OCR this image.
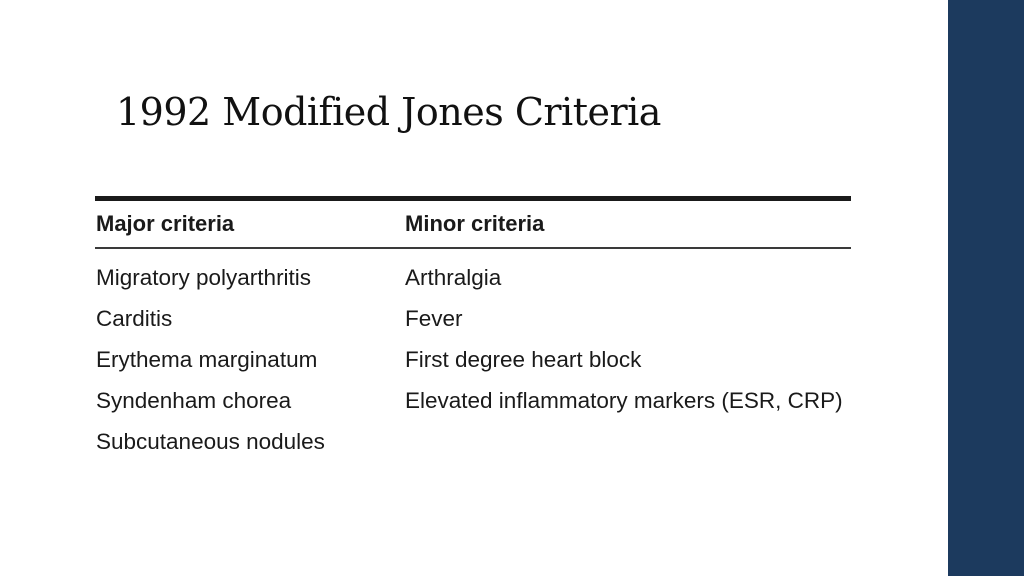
1992 Modified Jones Criteria
Major criteria	Minor criteria
Migratory polyarthritis	Arthralgia
Carditis	Fever
Erythema marginatum	First degree heart block
Syndenham chorea	Elevated inflammatory markers (ESR, CRP)
Subcutaneous nodules
